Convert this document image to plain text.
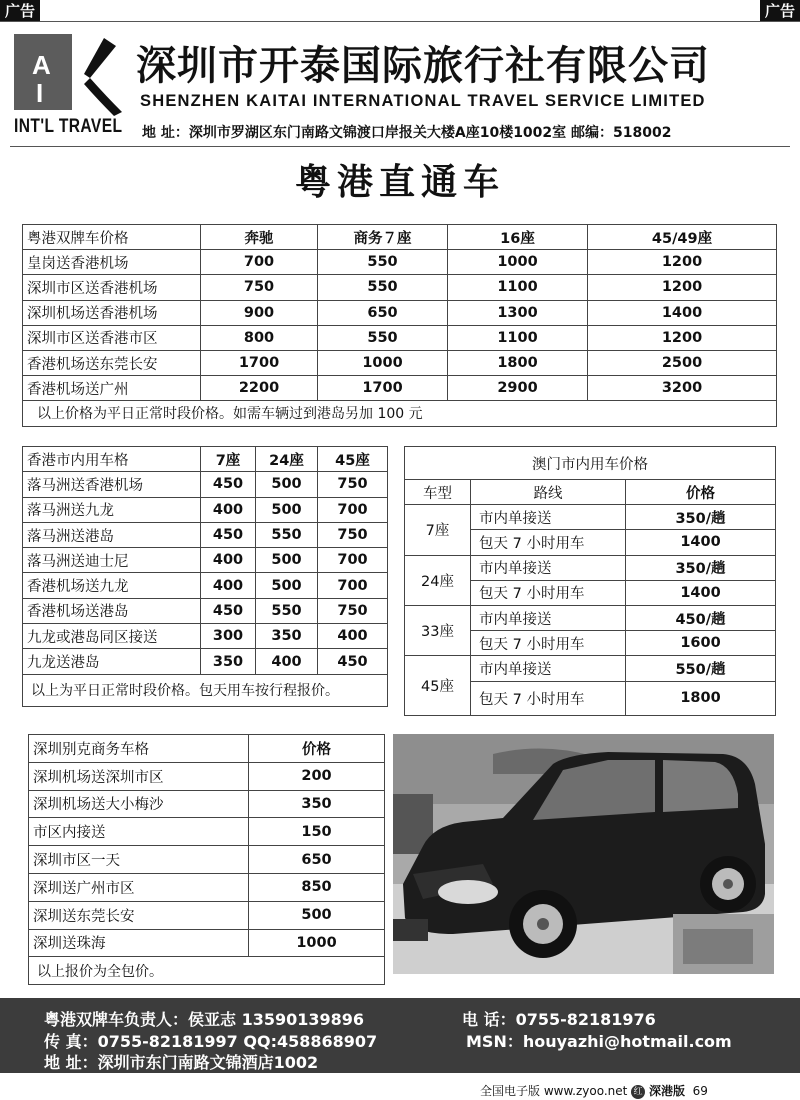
广告	广告
A
I
INT'L TRAVEL
深圳市开泰国际旅行社有限公司
SHENZHEN KAITAI INTERNATIONAL TRAVEL SERVICE LIMITED
地 址：深圳市罗湖区东门南路文锦渡口岸报关大楼A座10楼1002室 邮编：518002
粤港直通车
粤港双牌车价格	奔驰	商务７座	16座	45/49座
皇岗送香港机场	700	550	1000	1200
深圳市区送香港机场	750	550	1100	1200
深圳机场送香港机场	900	650	1300	1400
深圳市区送香港市区	800	550	1100	1200
香港机场送东莞长安	1700	1000	1800	2500
香港机场送广州	2200	1700	2900	3200
以上价格为平日正常时段价格。如需车辆过到港岛另加 100 元				
香港市内用车格	7座	24座	45座
落马洲送香港机场	450	500	750
落马洲送九龙	400	500	700
落马洲送港岛	450	550	750
落马洲送迪士尼	400	500	700
香港机场送九龙	400	500	700
香港机场送港岛	450	550	750
九龙或港岛同区接送	300	350	400
九龙送港岛	350	400	450
以上为平日正常时段价格。包天用车按行程报价。			
澳门市内用车价格		
车型	路线	价格
7座	市内单接送	350/趟
	包天 7 小时用车	1400
24座	市内单接送	350/趟
	包天 7 小时用车	1400
33座	市内单接送	450/趟
	包天 7 小时用车	1600
45座	市内单接送	550/趟
	包天 7 小时用车	1800
深圳别克商务车格	价格
深圳机场送深圳市区	200
深圳机场送大小梅沙	350
市区内接送	150
深圳市区一天	650
深圳送广州市区	850
深圳送东莞长安	500
深圳送珠海	1000
以上报价为全包价。	
粤港双牌车负责人：侯亚志 13590139896	电 话：0755-82181976
传 真：0755-82181997 QQ:458868907	MSN：houyazhi@hotmail.com
地 址：深圳市东门南路文锦酒店1002
全国电子版 www.zyoo.net 红 深港版 69
